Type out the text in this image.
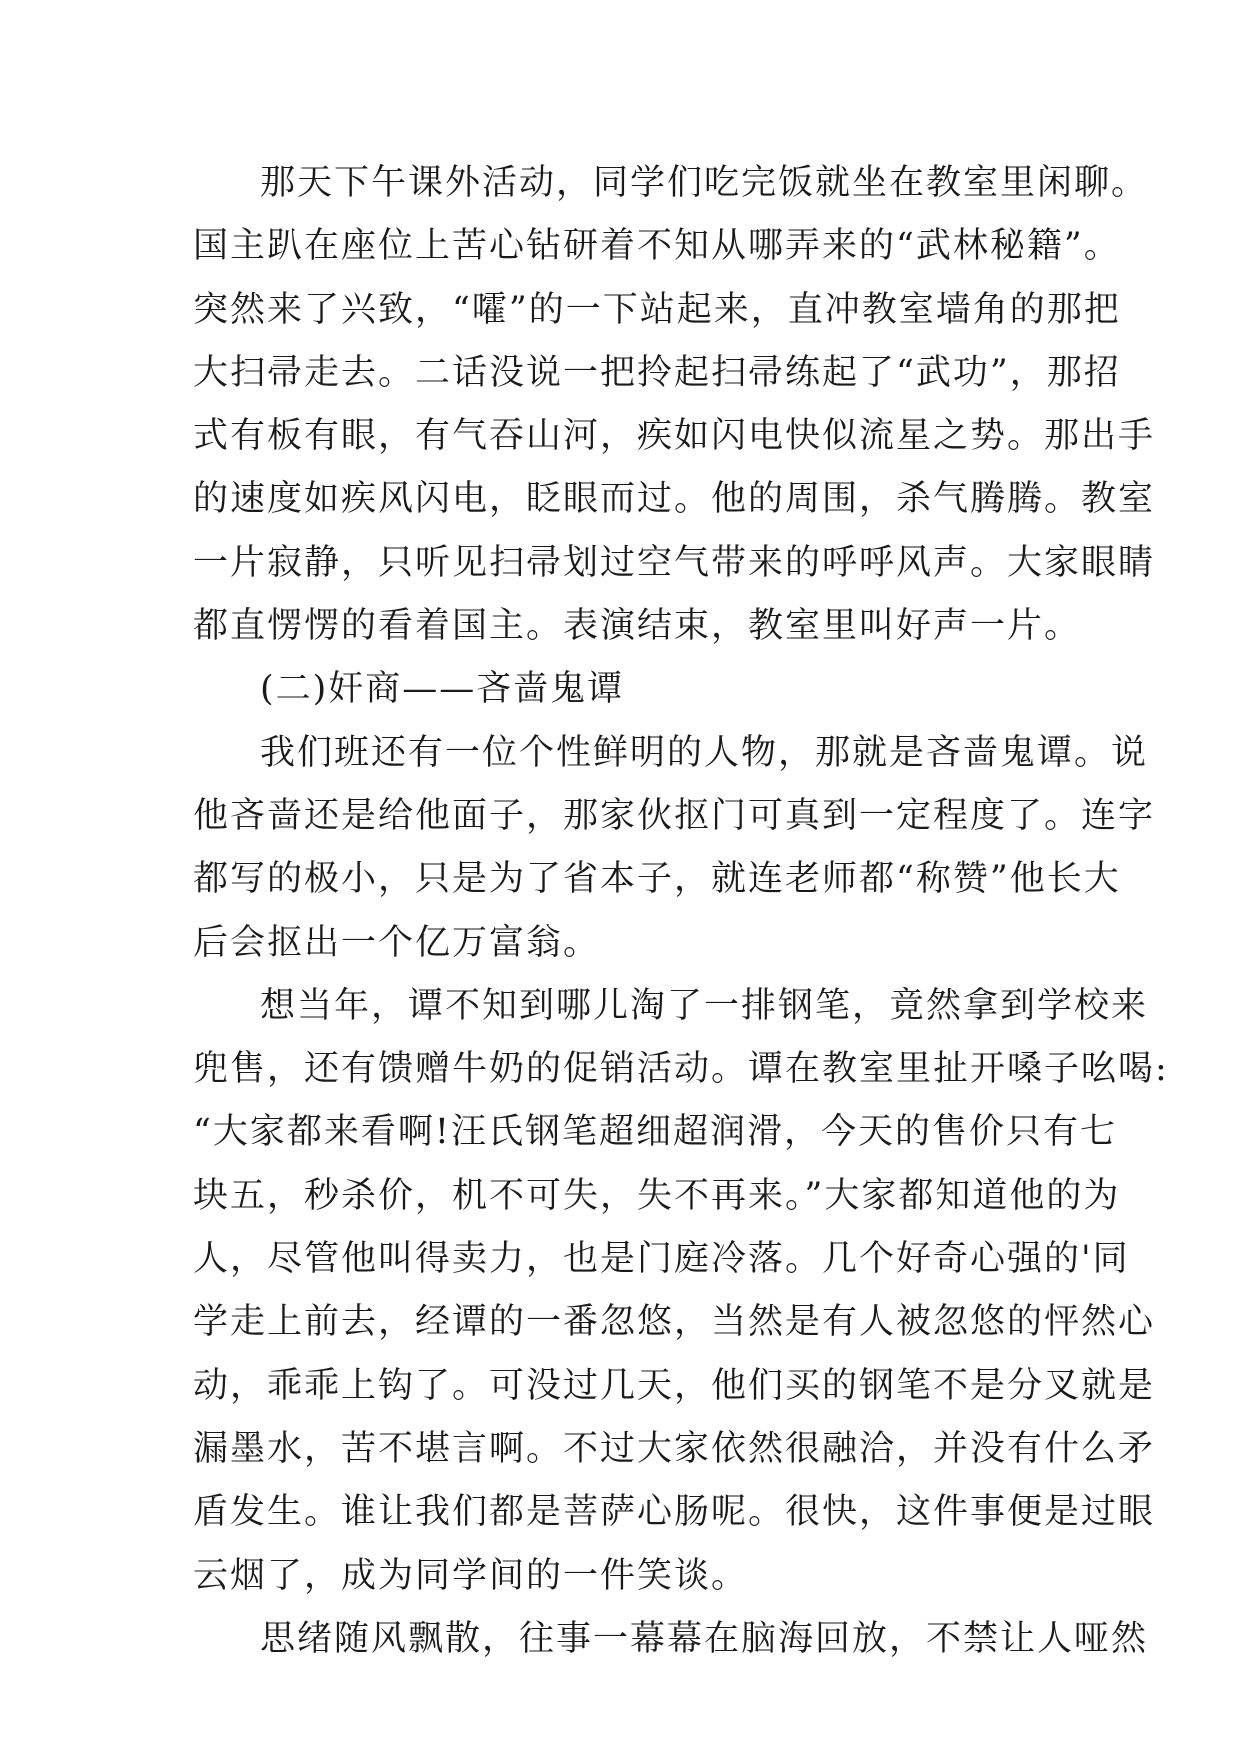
那天下午课外活动，同学们吃完饭就坐在教室里闲聊。
国主趴在座位上苦心钻研着不知从哪弄来的“武林秘籍”。
突然来了兴致，“嚯”的一下站起来，直冲教室墙角的那把
大扫帚走去。二话没说一把拎起扫帚练起了“武功”，那招
式有板有眼，有气吞山河，疾如闪电快似流星之势。那出手
的速度如疾风闪电，眨眼而过。他的周围，杀气腾腾。教室
一片寂静，只听见扫帚划过空气带来的呼呼风声。大家眼睛
都直愣愣的看着国主。表演结束，教室里叫好声一片。
(二)奸商——吝啬鬼谭
我们班还有一位个性鲜明的人物，那就是吝啬鬼谭。说
他吝啬还是给他面子，那家伙抠门可真到一定程度了。连字
都写的极小，只是为了省本子，就连老师都“称赞”他长大
后会抠出一个亿万富翁。
想当年，谭不知到哪儿淘了一排钢笔，竟然拿到学校来
兜售，还有馈赠牛奶的促销活动。谭在教室里扯开嗓子吆喝:
“大家都来看啊!汪氏钢笔超细超润滑，今天的售价只有七
块五，秒杀价，机不可失，失不再来。”大家都知道他的为
人，尽管他叫得卖力，也是门庭冷落。几个好奇心强的'同
学走上前去，经谭的一番忽悠，当然是有人被忽悠的怦然心
动，乖乖上钩了。可没过几天，他们买的钢笔不是分叉就是
漏墨水，苦不堪言啊。不过大家依然很融洽，并没有什么矛
盾发生。谁让我们都是菩萨心肠呢。很快，这件事便是过眼
云烟了，成为同学间的一件笑谈。
思绪随风飘散，往事一幕幕在脑海回放，不禁让人哑然
